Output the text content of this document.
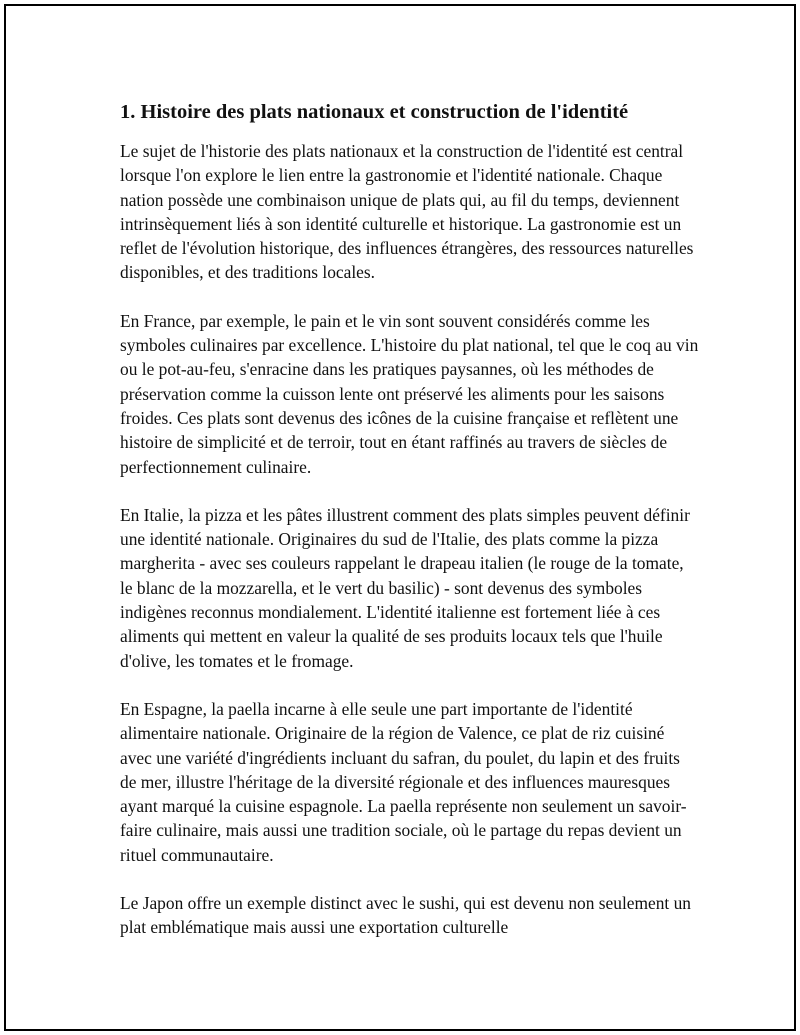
1. Histoire des plats nationaux et construction de l'identité

Le sujet de l'historie des plats nationaux et la construction de l'identité est central lorsque l'on explore le lien entre la gastronomie et l'identité nationale. Chaque nation possède une combinaison unique de plats qui, au fil du temps, deviennent intrinsèquement liés à son identité culturelle et historique. La gastronomie est un reflet de l'évolution historique, des influences étrangères, des ressources naturelles disponibles, et des traditions locales.

En France, par exemple, le pain et le vin sont souvent considérés comme les symboles culinaires par excellence. L'histoire du plat national, tel que le coq au vin ou le pot-au-feu, s'enracine dans les pratiques paysannes, où les méthodes de préservation comme la cuisson lente ont préservé les aliments pour les saisons froides. Ces plats sont devenus des icônes de la cuisine française et reflètent une histoire de simplicité et de terroir, tout en étant raffinés au travers de siècles de perfectionnement culinaire.

En Italie, la pizza et les pâtes illustrent comment des plats simples peuvent définir une identité nationale. Originaires du sud de l'Italie, des plats comme la pizza margherita - avec ses couleurs rappelant le drapeau italien (le rouge de la tomate, le blanc de la mozzarella, et le vert du basilic) - sont devenus des symboles indigènes reconnus mondialement. L'identité italienne est fortement liée à ces aliments qui mettent en valeur la qualité de ses produits locaux tels que l'huile d'olive, les tomates et le fromage.

En Espagne, la paella incarne à elle seule une part importante de l'identité alimentaire nationale. Originaire de la région de Valence, ce plat de riz cuisiné avec une variété d'ingrédients incluant du safran, du poulet, du lapin et des fruits de mer, illustre l'héritage de la diversité régionale et des influences mauresques ayant marqué la cuisine espagnole. La paella représente non seulement un savoir-faire culinaire, mais aussi une tradition sociale, où le partage du repas devient un rituel communautaire.

Le Japon offre un exemple distinct avec le sushi, qui est devenu non seulement un plat emblématique mais aussi une exportation culturelle
